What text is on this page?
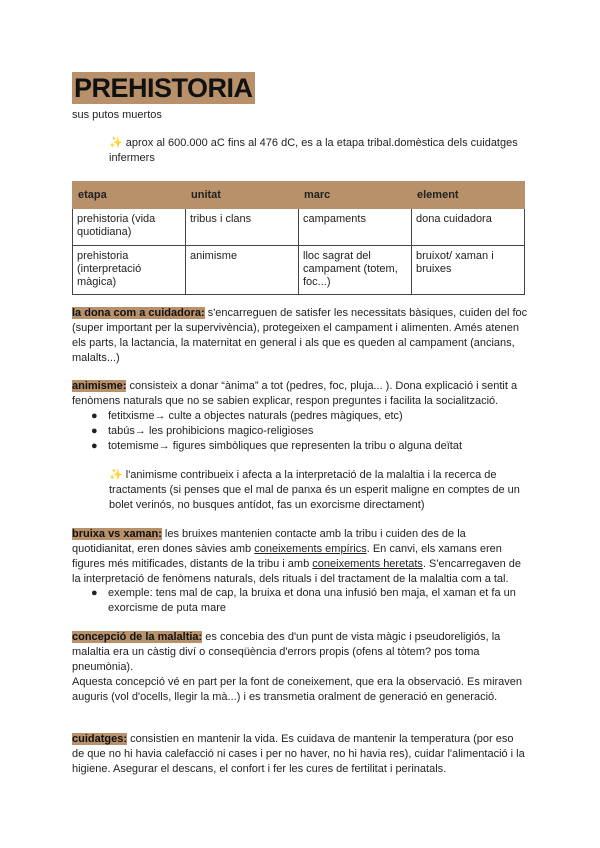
PREHISTORIA
sus putos muertos
✨ aprox al 600.000 aC fins al 476 dC, es a la etapa tribal.domèstica dels cuidatges infermers
etapa	unitat	marc	element
prehistoria (vida quotidiana)	tribus i clans	campaments	dona cuidadora
prehistoria (interpretació màgica)	animisme	lloc sagrat del campament (totem, foc...)	bruixot/ xaman i bruixes
la dona com a cuidadora: s'encarreguen de satisfer les necessitats bàsiques, cuiden del foc (super important per la supervivència), protegeixen el campament i alimenten. Amés atenen els parts, la lactancia, la maternitat en general i als que es queden al campament (ancians, malalts...)
animisme: consisteix a donar “ànima” a tot (pedres, foc, pluja... ). Dona explicació i sentit a fenòmens naturals que no se sabien explicar, respon preguntes i facilita la socialització.
● fetitxisme→ culte a objectes naturals (pedres màgiques, etc)
● tabús→ les prohibicions magico-religioses
● totemisme→ figures simbòliques que representen la tribu o alguna deïtat
✨ l'animisme contribueix i afecta a la interpretació de la malaltia i la recerca de tractaments (si penses que el mal de panxa és un esperit maligne en comptes de un bolet verinós, no busques antídot, fas un exorcisme directament)
bruixa vs xaman: les bruixes mantenien contacte amb la tribu i cuiden des de la quotidianitat, eren dones sàvies amb coneixements empírics. En canvi, els xamans eren figures més mitificades, distants de la tribu i amb coneixements heretats. S'encarregaven de la interpretació de fenòmens naturals, dels rituals i del tractament de la malaltia com a tal.
● exemple: tens mal de cap, la bruixa et dona una infusió ben maja, el xaman et fa un exorcisme de puta mare
concepció de la malaltia: es concebia des d'un punt de vista màgic i pseudoreligiós, la malaltia era un càstig diví o conseqüència d'errors propis (ofens al tòtem? pos toma pneumònia).
Aquesta concepció vé en part per la font de coneixement, que era la observació. Es miraven auguris (vol d'ocells, llegir la mà...) i es transmetia oralment de generació en generació.
cuidatges: consistien en mantenir la vida. Es cuidava de mantenir la temperatura (por eso de que no hi havia calefacció ni cases i per no haver, no hi havia res), cuidar l'alimentació i la higiene. Asegurar el descans, el confort i fer les cures de fertilitat i perinatals.
